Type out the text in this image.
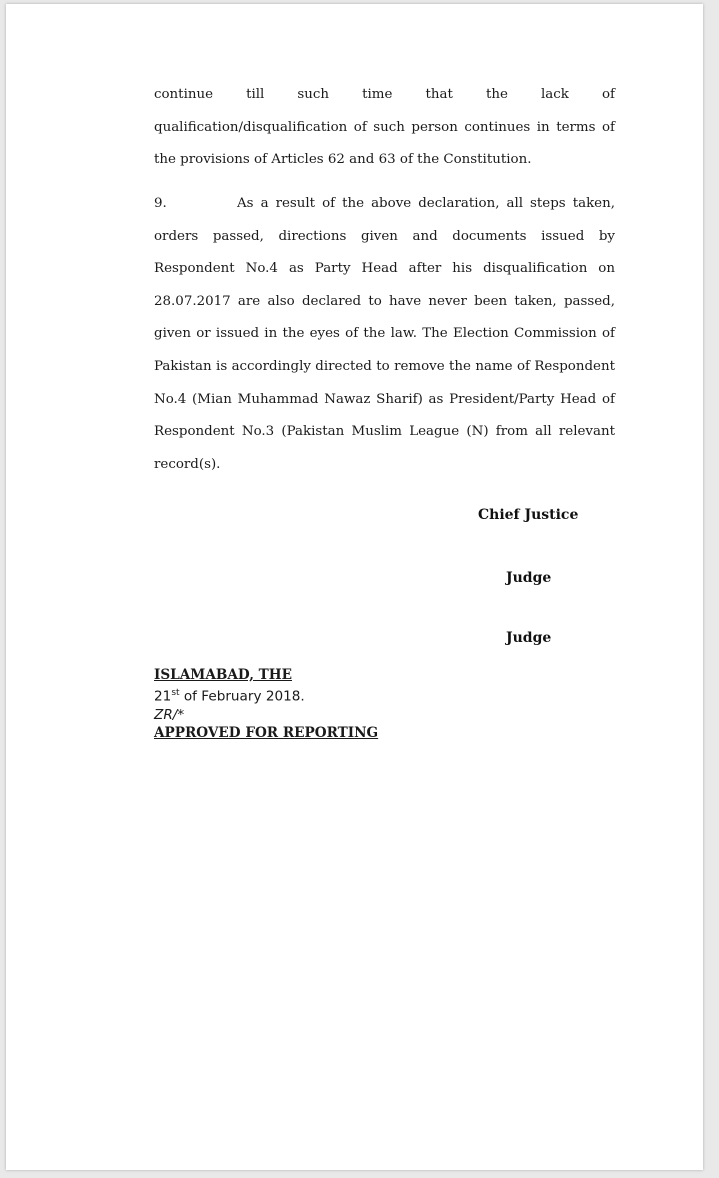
continue till such time that the lack of
qualification/disqualification of such person continues in terms of
the provisions of Articles 62 and 63 of the Constitution.
9.	As a result of the above declaration, all steps taken,
orders passed, directions given and documents issued by
Respondent No.4 as Party Head after his disqualification on
28.07.2017 are also declared to have never been taken, passed,
given or issued in the eyes of the law. The Election Commission of
Pakistan is accordingly directed to remove the name of Respondent
No.4 (Mian Muhammad Nawaz Sharif) as President/Party Head of
Respondent No.3 (Pakistan Muslim League (N) from all relevant
record(s).
Chief Justice
Judge
Judge
ISLAMABAD, THE
21st of February 2018.
ZR/*
APPROVED FOR REPORTING
